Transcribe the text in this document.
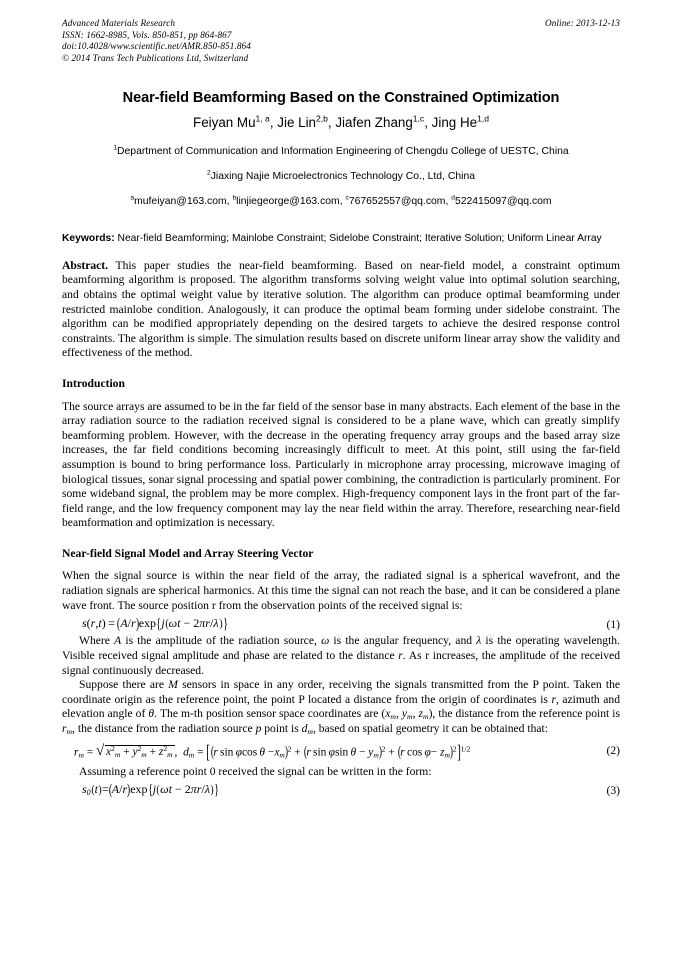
Advanced Materials Research
ISSN: 1662-8985, Vols. 850-851, pp 864-867
doi:10.4028/www.scientific.net/AMR.850-851.864
© 2014 Trans Tech Publications Ltd, Switzerland
Online: 2013-12-13
Near-field Beamforming Based on the Constrained Optimization
Feiyan Mu$^{1, a}$, Jie Lin$^{2,b}$, Jiafen Zhang$^{1,c}$, Jing He$^{1,d}$
$^1$Department of Communication and Information Engineering of Chengdu College of UESTC, China
$^2$Jiaxing Najie Microelectronics Technology Co., Ltd, China
$^a$mufeiyan@163.com, $^b$linjiegeorge@163.com, $^c$767652557@qq.com, $^d$522415097@qq.com
Keywords: Near-field Beamforming; Mainlobe Constraint; Sidelobe Constraint; Iterative Solution; Uniform Linear Array
Abstract. This paper studies the near-field beamforming. Based on near-field model, a constraint optimum beamforming algorithm is proposed. The algorithm transforms solving weight value into optimal solution searching, and obtains the optimal weight value by iterative solution. The algorithm can produce optimal beamforming under restricted mainlobe condition. Analogously, it can produce the optimal beam forming under sidelobe constraint. The algorithm can be modified appropriately depending on the desired targets to achieve the desired response control constraints. The algorithm is simple. The simulation results based on discrete uniform linear array show the validity and effectiveness of the method.
Introduction
The source arrays are assumed to be in the far field of the sensor base in many abstracts. Each element of the base in the array radiation source to the radiation received signal is considered to be a plane wave, which can greatly simplify beamforming problem. However, with the decrease in the operating frequency array groups and the based array size increases, the far field conditions becoming increasingly difficult to meet. At this point, still using the far-field assumption is bound to bring performance loss. Particularly in microphone array processing, microwave imaging of biological tissues, sonar signal processing and spatial power combining, the contradiction is particularly prominent. For some wideband signal, the problem may be more complex. High-frequency component lays in the front part of the far-field range, and the low frequency component may lay the near field within the array. Therefore, researching near-field beamformation and optimization is necessary.
Near-field Signal Model and Array Steering Vector
When the signal source is within the near field of the array, the radiated signal is a spherical wavefront, and the radiation signals are spherical harmonics. At this time the signal can not reach the base, and it can be considered a plane wave front. The source position r from the observation points of the received signal is:
s(r,t)  =  (A/r)exp{j(ωt − 2πr/λ)}	(1)
Where A is the amplitude of the radiation source, ω is the angular frequency, and λ is the operating wavelength. Visible received signal amplitude and phase are related to the distance r. As r increases, the amplitude of the received signal continuously decreased.
Suppose there are M sensors in space in any order, receiving the signals transmitted from the P point. Taken the coordinate origin as the reference point, the point P located a distance from the origin of coordinates is r, azimuth and elevation angle of θ. The m-th position sensor space coordinates are ($x_m$, $y_m$, $z_m$), the distance from the reference point is $r_m$, the distance from the radiation source p point is $d_m$, based on spatial geometry it can be obtained that:
$r_m$ = √ $x^2_m + y^2_m + z^2_m$ , $d_m = [(r$  sin  φcos  $\theta -x_m)^2 + (r$  sin  φsin  $\theta - y_m)^2 + (r$  $\cos \varphi- z_m)^2]^{1/2}$	(2)
Assuming a reference point 0 received the signal can be written in the form:
$s_0(t)=(A/r)\exp\{j(\omega t - 2\pi r/\lambda)\}$	(3)
